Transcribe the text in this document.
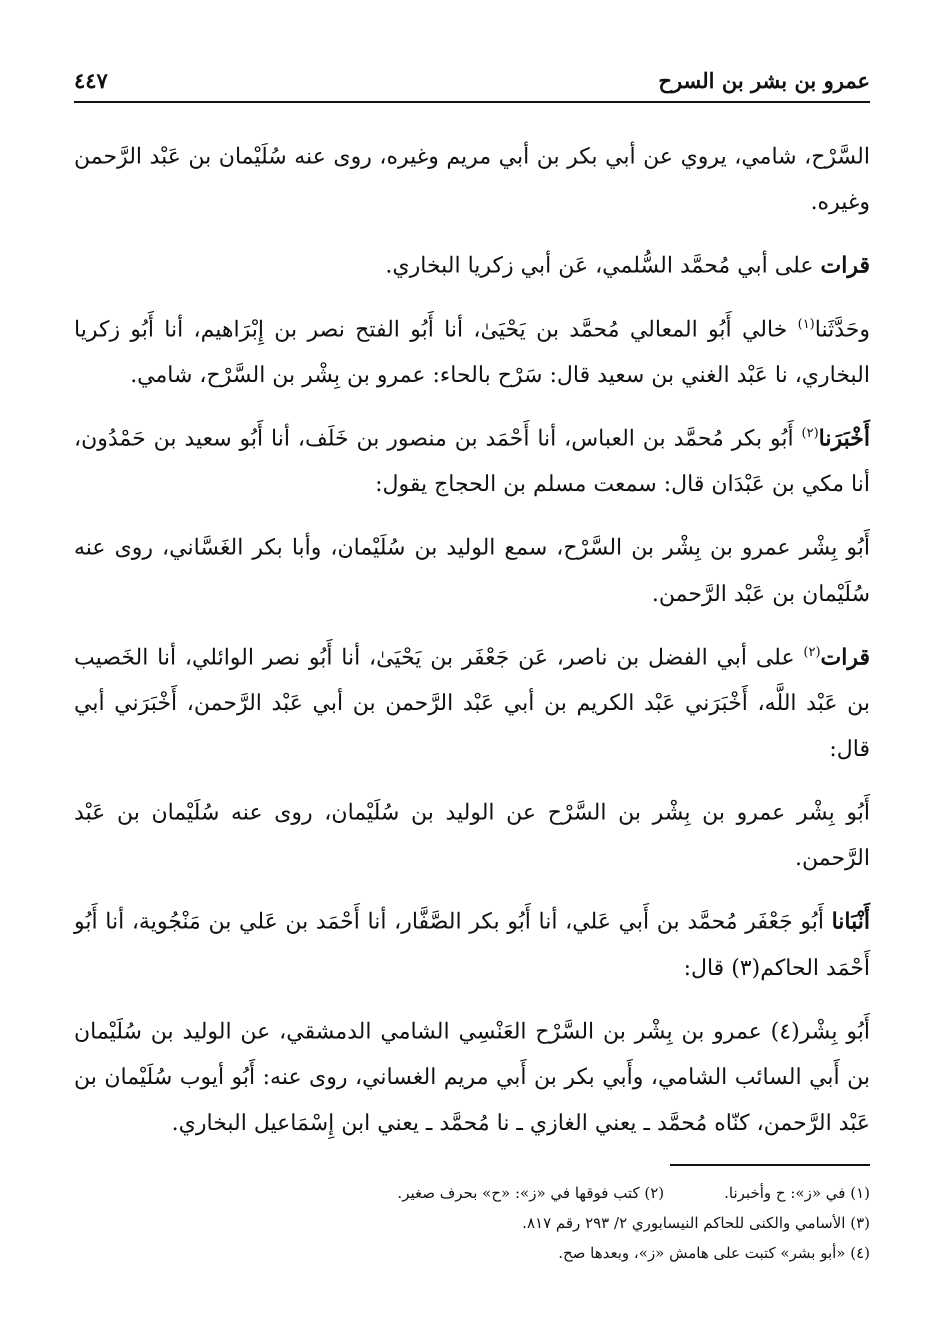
عمرو بن بشر بن السرح
٤٤٧

السَّرْح، شامي، يروي عن أبي بكر بن أبي مريم وغيره، روى عنه سُلَيْمان بن عَبْد الرَّحمن وغيره.

قرات على أبي مُحمَّد السُّلمي، عَن أبي زكريا البخاري.

وحَدَّثَنا$^{(١)}$ خالي أَبُو المعالي مُحمَّد بن يَحْيَىٰ، أنا أَبُو الفتح نصر بن إِبْرَاهيم، أنا أَبُو زكريا البخاري، نا عَبْد الغني بن سعيد قال: سَرْح بالحاء: عمرو بن بِشْر بن السَّرْح، شامي.

أَخْبَرَنا$^{(٢)}$ أَبُو بكر مُحمَّد بن العباس، أنا أَحْمَد بن منصور بن خَلَف، أنا أَبُو سعيد بن حَمْدُون، أنا مكي بن عَبْدَان قال: سمعت مسلم بن الحجاج يقول:

أَبُو بِشْر عمرو بن بِشْر بن السَّرْح، سمع الوليد بن سُلَيْمان، وأبا بكر الغَسَّاني، روى عنه سُلَيْمان بن عَبْد الرَّحمن.

قرات$^{(٢)}$ على أبي الفضل بن ناصر، عَن جَعْفَر بن يَحْيَىٰ، أنا أَبُو نصر الوائلي، أنا الخَصيب بن عَبْد اللَّه، أَخْبَرَني عَبْد الكريم بن أبي عَبْد الرَّحمن بن أبي عَبْد الرَّحمن، أَخْبَرَني أبي قال:

أَبُو بِشْر عمرو بن بِشْر بن السَّرْح عن الوليد بن سُلَيْمان، روى عنه سُلَيْمان بن عَبْد الرَّحمن.

أَنْبَانا أَبُو جَعْفَر مُحمَّد بن أَبي عَلي، أنا أَبُو بكر الصَّفَّار، أنا أَحْمَد بن عَلي بن مَنْجُوية، أنا أَبُو أَحْمَد الحاكم(٣) قال:

أَبُو بِشْر(٤) عمرو بن بِشْر بن السَّرْح العَنْسِي الشامي الدمشقي، عن الوليد بن سُلَيْمان بن أَبي السائب الشامي، وأَبي بكر بن أَبي مريم الغساني، روى عنه: أَبُو أيوب سُلَيْمان بن عَبْد الرَّحمن، كنّاه مُحمَّد ـ يعني الغازي ـ نا مُحمَّد ـ يعني ابن إِسْمَاعيل البخاري.

(١) في «ز»: ح وأخبرنا.
(٢) كتب فوقها في «ز»: «ح» بحرف صغير.
(٣) الأسامي والكنى للحاكم النيسابوري ٢/ ٢٩٣ رقم ٨١٧.
(٤) «أبو بشر» كتبت على هامش «ز»، وبعدها صح.
